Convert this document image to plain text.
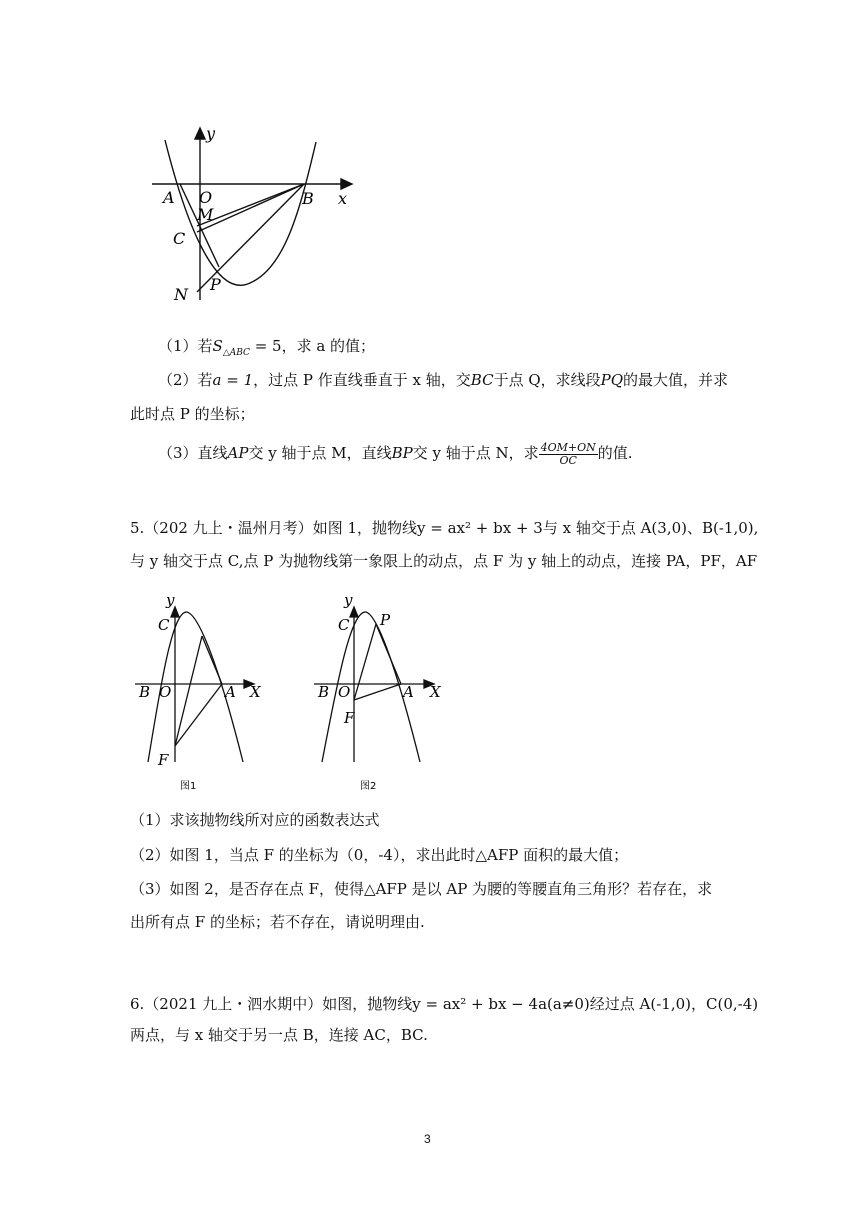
y
x
O
A	B
M
C
N
P
（1）若$S_{\triangle ABC} = 5$，求 a 的值；
（2）若a = 1，过点 P 作直线垂直于 x 轴，交BC于点 Q，求线段PQ的最大值，并求
此时点 P 的坐标；
（3）直线AP交 y 轴于点 M，直线BP交 y 轴于点 N，求 $\frac{4OM+ON}{OC}$ 的值.
5.（202 九上・温州月考）如图 1，抛物线y = ax² + bx + 3与 x 轴交于点 A(3,0)、B(-1,0),
与 y 轴交于点 C,点 P 为抛物线第一象限上的动点，点 F 为 y 轴上的动点，连接 PA，PF，AF
y
C
B O	A X
F
图1
y
C P
B O	A X
F
图2
（1）求该抛物线所对应的函数表达式
（2）如图 1，当点 F 的坐标为（0，-4），求出此时△AFP 面积的最大值；
（3）如图 2，是否存在点 F，使得△AFP 是以 AP 为腰的等腰直角三角形？若存在，求
出所有点 F 的坐标；若不存在，请说明理由.
6.（2021 九上・泗水期中）如图，抛物线y = ax² + bx − 4a(a≠0)经过点 A(-1,0)，C(0,-4)
两点，与 x 轴交于另一点 B，连接 AC，BC.
3
